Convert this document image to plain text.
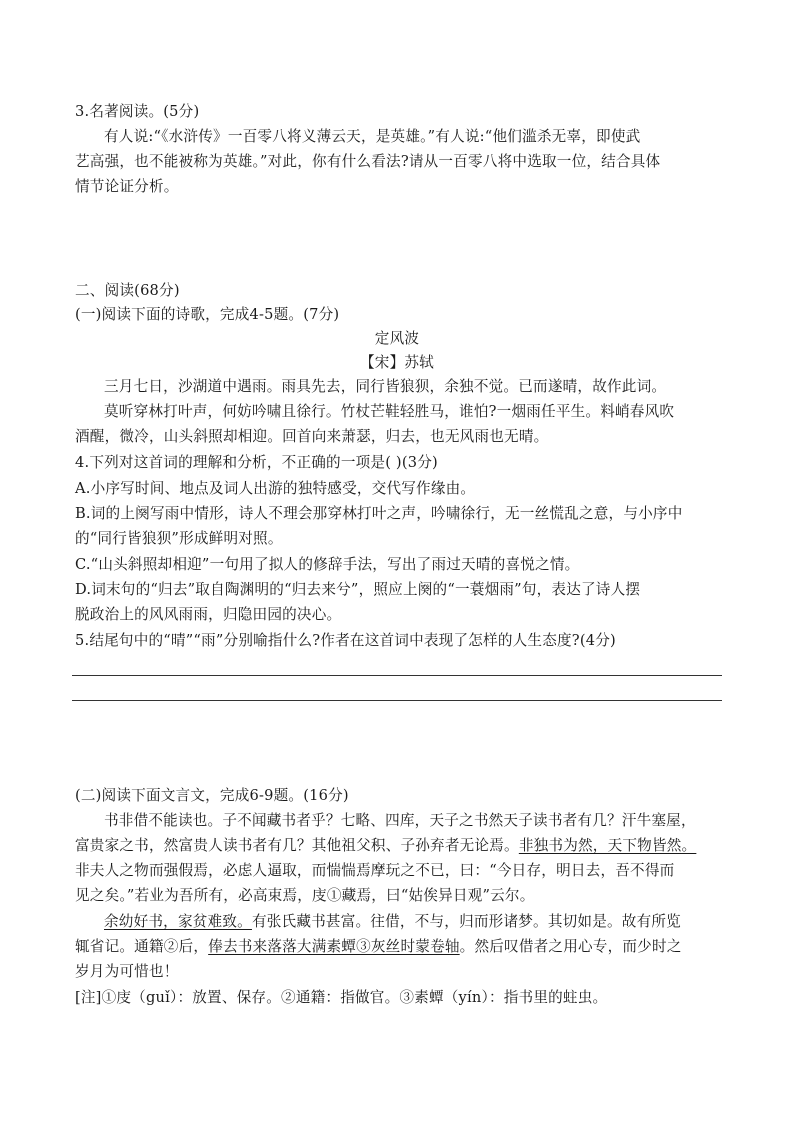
3.名著阅读。(5分)
有人说:“《水浒传》一百零八将义薄云天，是英雄。”有人说:“他们滥杀无辜，即使武
艺高强，也不能被称为英雄。”对此，你有什么看法?请从一百零八将中选取一位，结合具体
情节论证分析。
二、阅读(68分)
(一)阅读下面的诗歌，完成4-5题。(7分)
定风波
【宋】苏轼
三月七日，沙湖道中遇雨。雨具先去，同行皆狼狈，余独不觉。已而遂晴，故作此词。
莫听穿林打叶声，何妨吟啸且徐行。竹杖芒鞋轻胜马，谁怕?一烟雨任平生。料峭春风吹
酒醒，微冷，山头斜照却相迎。回首向来萧瑟，归去，也无风雨也无晴。
4.下列对这首词的理解和分析，不正确的一项是( )(3分)
A.小序写时间、地点及词人出游的独特感受，交代写作缘由。
B.词的上阕写雨中情形，诗人不理会那穿林打叶之声，吟啸徐行，无一丝慌乱之意，与小序中
的“同行皆狼狈”形成鲜明对照。
C.“山头斜照却相迎”一句用了拟人的修辞手法，写出了雨过天晴的喜悦之情。
D.词末句的“归去”取自陶渊明的“归去来兮”，照应上阕的“一蓑烟雨”句，表达了诗人摆
脱政治上的风风雨雨，归隐田园的决心。
5.结尾句中的“晴”“雨”分别喻指什么?作者在这首词中表现了怎样的人生态度?(4分)
(二)阅读下面文言文，完成6-9题。(16分)
书非借不能读也。子不闻藏书者乎？七略、四库，天子之书然天子读书者有几？汗牛塞屋，
富贵家之书，然富贵人读书者有几？其他祖父积、子孙弃者无论焉。非独书为然，天下物皆然。
非夫人之物而强假焉，必虑人逼取，而惴惴焉摩玩之不已，曰：“今日存，明日去，吾不得而
见之矣。”若业为吾所有，必高束焉，庋①藏焉，曰“姑俟异日观”云尔。
余幼好书，家贫难致。有张氏藏书甚富。往借，不与，归而形诸梦。其切如是。故有所览
辄省记。通籍②后，俸去书来落落大满素蟫③灰丝时蒙卷轴。然后叹借者之用心专，而少时之
岁月为可惜也！
[注]①庋（guǐ）：放置、保存。②通籍：指做官。③素蟫（yín）：指书里的蛀虫。
